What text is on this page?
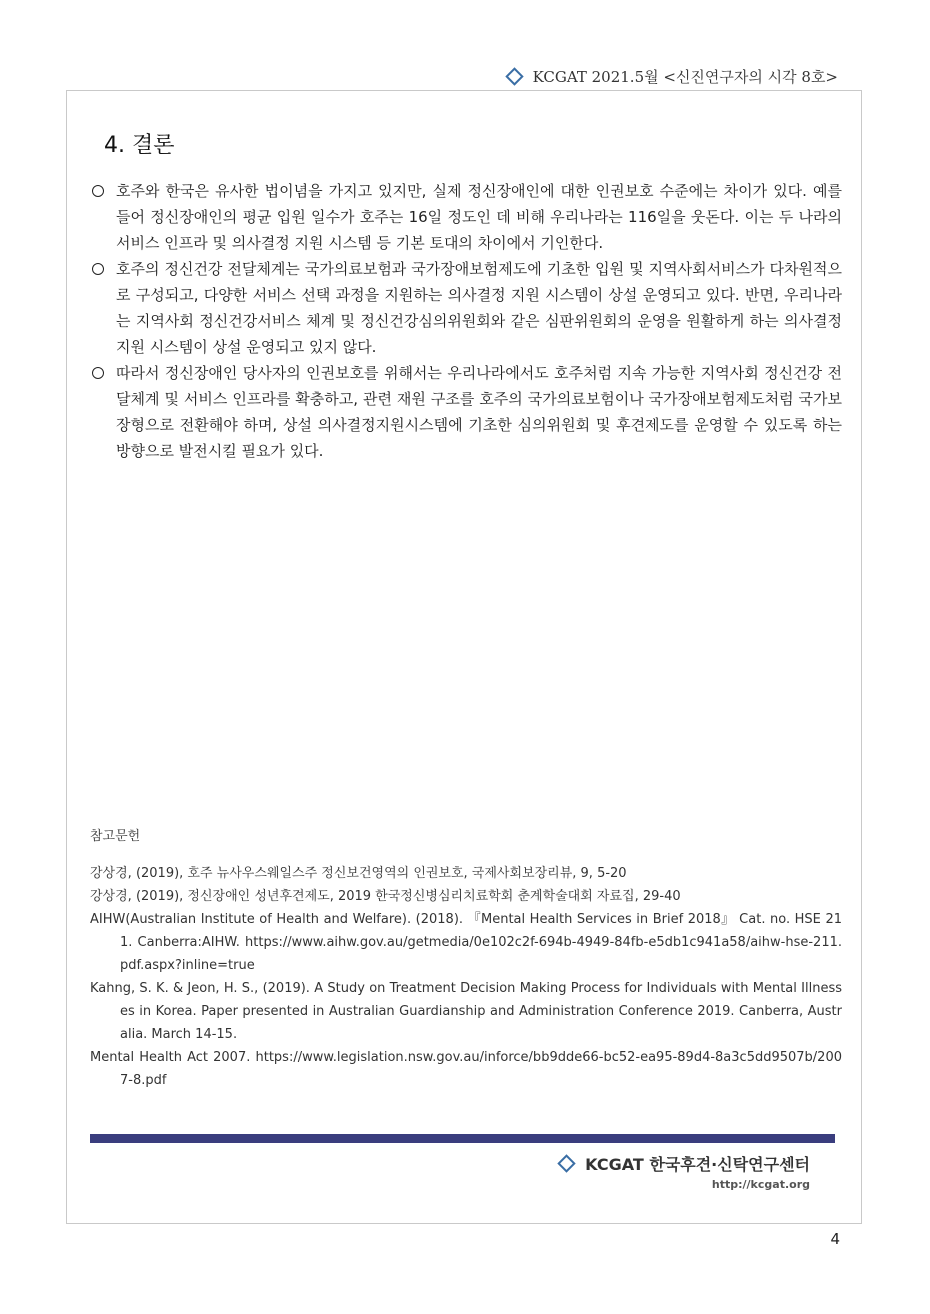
KCGAT 2021.5월 <신진연구자의 시각 8호>
4. 결론
호주와 한국은 유사한 법이념을 가지고 있지만, 실제 정신장애인에 대한 인권보호 수준에는 차이가 있다. 예를 들어 정신장애인의 평균 입원 일수가 호주는 16일 정도인 데 비해 우리나라는 116일을 웃돈다. 이는 두 나라의 서비스 인프라 및 의사결정 지원 시스템 등 기본 토대의 차이에서 기인한다.
호주의 정신건강 전달체계는 국가의료보험과 국가장애보험제도에 기초한 입원 및 지역사회서비스가 다차원적으로 구성되고, 다양한 서비스 선택 과정을 지원하는 의사결정 지원 시스템이 상설 운영되고 있다. 반면, 우리나라는 지역사회 정신건강서비스 체계 및 정신건강심의위원회와 같은 심판위원회의 운영을 원활하게 하는 의사결정 지원 시스템이 상설 운영되고 있지 않다.
따라서 정신장애인 당사자의 인권보호를 위해서는 우리나라에서도 호주처럼 지속 가능한 지역사회 정신건강 전달체계 및 서비스 인프라를 확충하고, 관련 재원 구조를 호주의 국가의료보험이나 국가장애보험제도처럼 국가보장형으로 전환해야 하며, 상설 의사결정지원시스템에 기초한 심의위원회 및 후견제도를 운영할 수 있도록 하는 방향으로 발전시킬 필요가 있다.
참고문헌
강상경, (2019), 호주 뉴사우스웨일스주 정신보건영역의 인권보호, 국제사회보장리뷰, 9, 5-20
강상경, (2019), 정신장애인 성년후견제도, 2019 한국정신병심리치료학회 춘계학술대회 자료집, 29-40
AIHW(Australian Institute of Health and Welfare). (2018). 『Mental Health Services in Brief 2018』 Cat. no. HSE 211. Canberra:AIHW. https://www.aihw.gov.au/getmedia/0e102c2f-694b-4949-84fb-e5db1c941a58/aihw-hse-211.pdf.aspx?inline=true
Kahng, S. K. & Jeon, H. S., (2019). A Study on Treatment Decision Making Process for Individuals with Mental Illnesses in Korea. Paper presented in Australian Guardianship and Administration Conference 2019. Canberra, Australia. March 14-15.
Mental Health Act 2007. https://www.legislation.nsw.gov.au/inforce/bb9dde66-bc52-ea95-89d4-8a3c5dd9507b/2007-8.pdf
KCGAT 한국후견·신탁연구센터
http://kcgat.org
4
